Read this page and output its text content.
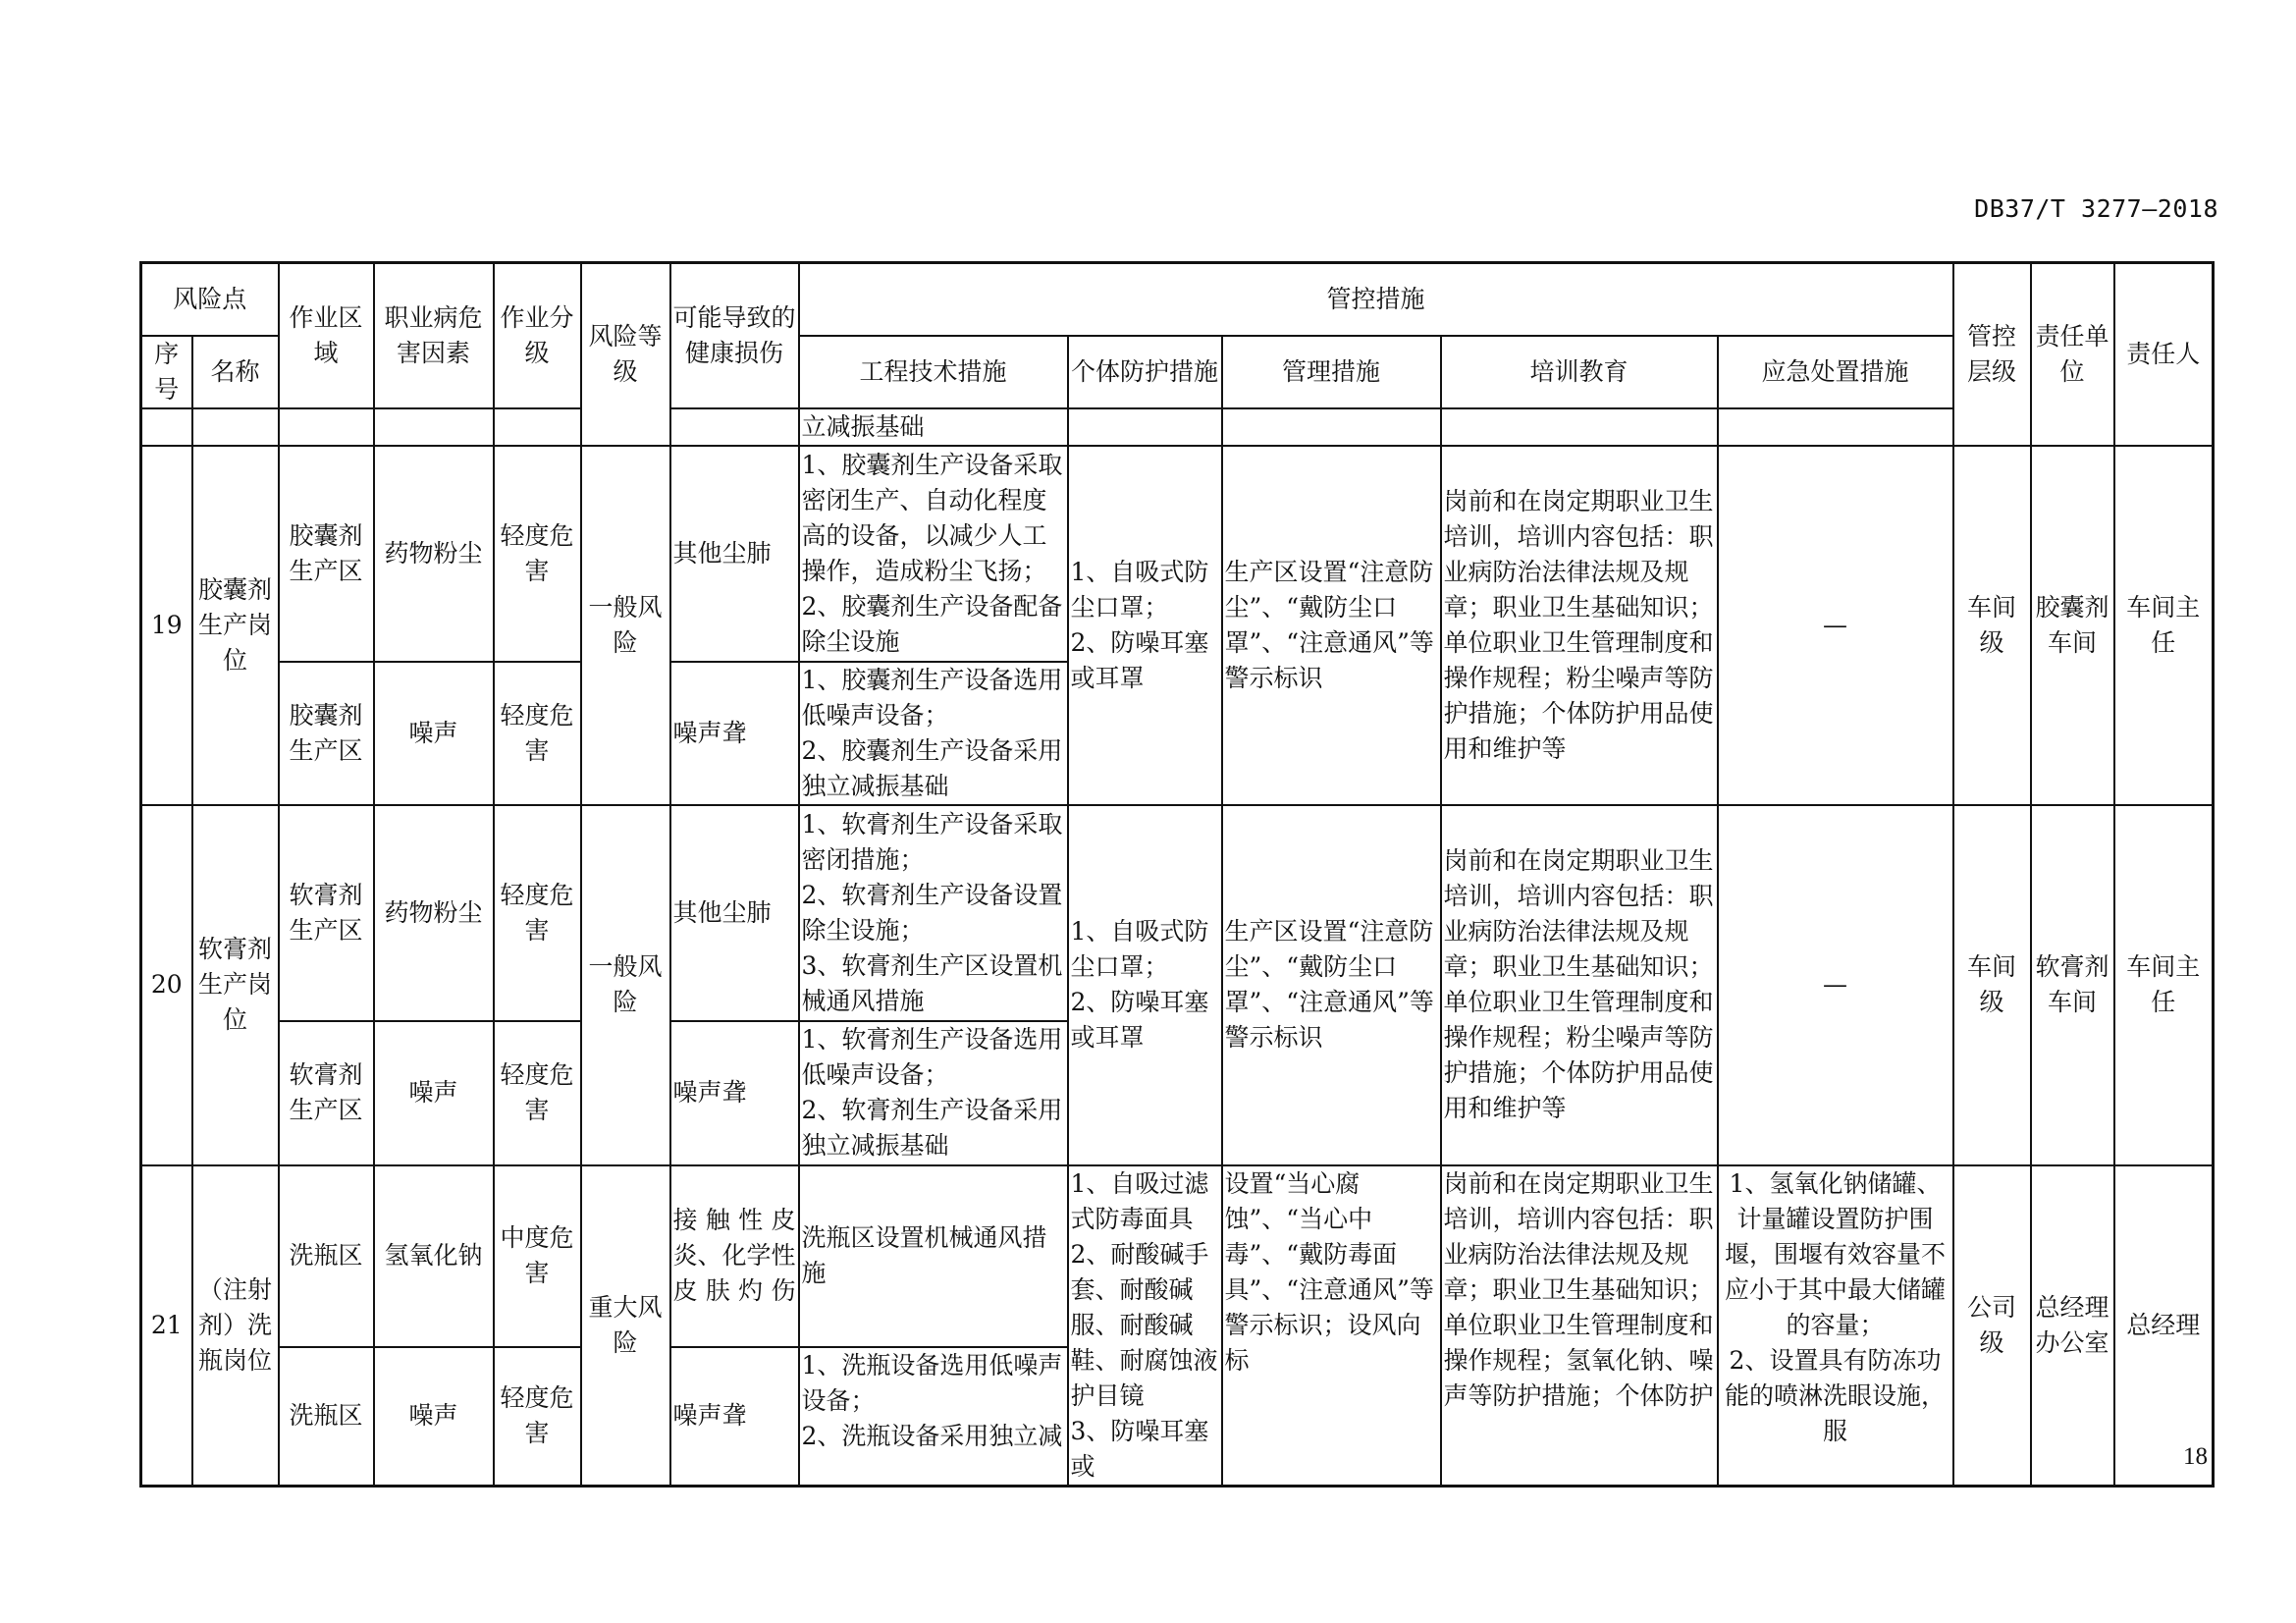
DB37/T 3277—2018
风险点		作业区域	职业病危害因素	作业分级	风险等级	可能导致的健康损伤	管控措施					管控层级	责任单位	责任人
序号	名称						工程技术措施	个体防护措施	管理措施	培训教育	应急处置措施			
							立减振基础							
19	胶囊剂生产岗位	胶囊剂生产区	药物粉尘	轻度危害	一般风险	其他尘肺	1、胶囊剂生产设备采取密闭生产、自动化程度高的设备，以减少人工操作，造成粉尘飞扬；
2、胶囊剂生产设备配备除尘设施	1、自吸式防尘口罩；
2、防噪耳塞或耳罩	生产区设置“注意防尘”、“戴防尘口罩”、“注意通风”等警示标识	岗前和在岗定期职业卫生培训，培训内容包括：职业病防治法律法规及规章；职业卫生基础知识；单位职业卫生管理制度和操作规程；粉尘噪声等防护措施；个体防护用品使用和维护等	—	车间级	胶囊剂车间	车间主任
		胶囊剂生产区	噪声	轻度危害		噪声聋	1、胶囊剂生产设备选用低噪声设备；
2、胶囊剂生产设备采用独立减振基础							
20	软膏剂生产岗位	软膏剂生产区	药物粉尘	轻度危害	一般风险	其他尘肺	1、软膏剂生产设备采取密闭措施；
2、软膏剂生产设备设置除尘设施；
3、软膏剂生产区设置机械通风措施	1、自吸式防尘口罩；
2、防噪耳塞或耳罩	生产区设置“注意防尘”、“戴防尘口罩”、“注意通风”等警示标识	岗前和在岗定期职业卫生培训，培训内容包括：职业病防治法律法规及规章；职业卫生基础知识；单位职业卫生管理制度和操作规程；粉尘噪声等防护措施；个体防护用品使用和维护等	—	车间级	软膏剂车间	车间主任
		软膏剂生产区	噪声	轻度危害		噪声聋	1、软膏剂生产设备选用低噪声设备；
2、软膏剂生产设备采用独立减振基础							
21	（注射剂）洗瓶岗位	洗瓶区	氢氧化钠	中度危害	重大风险	接触性皮炎、化学性皮肤灼伤	洗瓶区设置机械通风措施	1、自吸过滤式防毒面具
2、耐酸碱手套、耐酸碱服、耐酸碱鞋、耐腐蚀液护目镜
3、防噪耳塞或	设置“当心腐蚀”、“当心中毒”、“戴防毒面具”、“注意通风”等警示标识；设风向标	岗前和在岗定期职业卫生培训，培训内容包括：职业病防治法律法规及规章；职业卫生基础知识；单位职业卫生管理制度和操作规程；氢氧化钠、噪声等防护措施；个体防护	1、氢氧化钠储罐、计量罐设置防护围堰，围堰有效容量不应小于其中最大储罐的容量；
2、设置具有防冻功能的喷淋洗眼设施，服	公司级	总经理办公室	总经理
		洗瓶区	噪声	轻度危害		噪声聋	1、洗瓶设备选用低噪声设备；
2、洗瓶设备采用独立减							
18
